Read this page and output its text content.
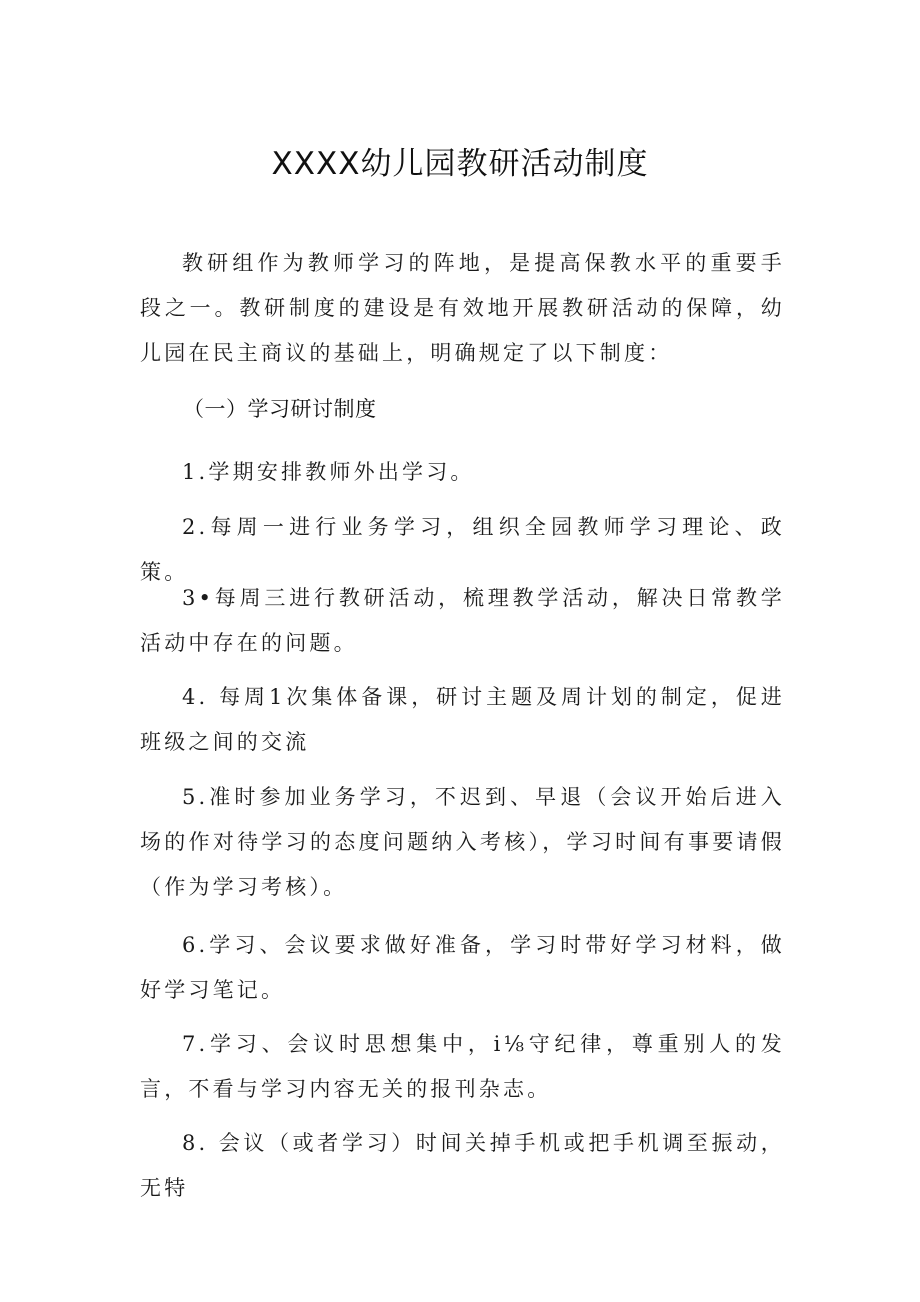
XXXX幼儿园教研活动制度

教研组作为教师学习的阵地，是提高保教水平的重要手段之一。教研制度的建设是有效地开展教研活动的保障，幼儿园在民主商议的基础上，明确规定了以下制度：

（一）学习研讨制度

1.学期安排教师外出学习。

2.每周一进行业务学习，组织全园教师学习理论、政策。

3•每周三进行教研活动，梳理教学活动，解决日常教学活动中存在的问题。

4. 每周1次集体备课，研讨主题及周计划的制定，促进班级之间的交流

5.准时参加业务学习，不迟到、早退（会议开始后进入场的作对待学习的态度问题纳入考核），学习时间有事要请假（作为学习考核）。

6.学习、会议要求做好准备，学习时带好学习材料，做好学习笔记。

7.学习、会议时思想集中，i⅛守纪律，尊重别人的发言，不看与学习内容无关的报刊杂志。

8. 会议（或者学习）时间关掉手机或把手机调至振动，无特
